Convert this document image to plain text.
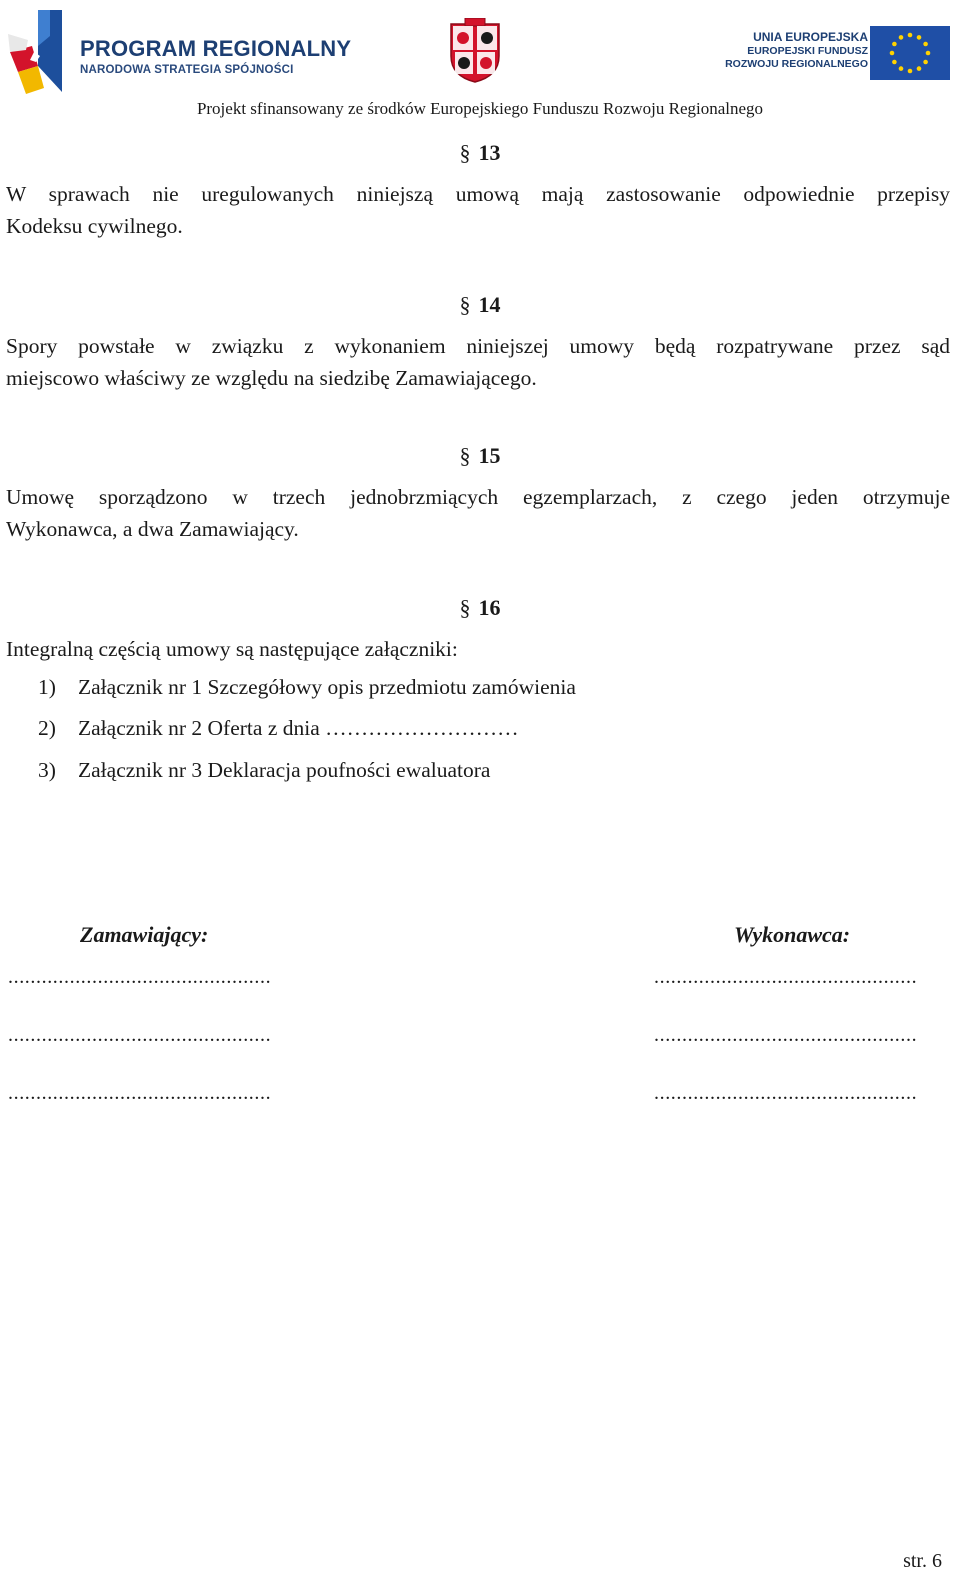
PROGRAM REGIONALNY
NARODOWA STRATEGIA SPÓJNOŚCI
UNIA EUROPEJSKA
EUROPEJSKI FUNDUSZ
ROZWOJU REGIONALNEGO
Projekt sfinansowany ze środków Europejskiego Funduszu Rozwoju Regionalnego
§ 13
W sprawach nie uregulowanych niniejszą umową mają zastosowanie odpowiednie przepisy
Kodeksu cywilnego.
§ 14
Spory powstałe w związku z wykonaniem niniejszej umowy będą rozpatrywane przez sąd
miejscowo właściwy ze względu na siedzibę Zamawiającego.
§ 15
Umowę sporządzono w trzech jednobrzmiących egzemplarzach, z czego jeden otrzymuje
Wykonawca, a dwa Zamawiający.
§ 16
Integralną częścią umowy są następujące załączniki:
1) Załącznik nr 1 Szczegółowy opis przedmiotu zamówienia
2) Załącznik nr 2 Oferta z dnia ………………………
3) Załącznik nr 3 Deklaracja poufności ewaluatora
Zamawiający:	Wykonawca:
...............................................
...............................................
...............................................
...............................................
...............................................
...............................................
str. 6
